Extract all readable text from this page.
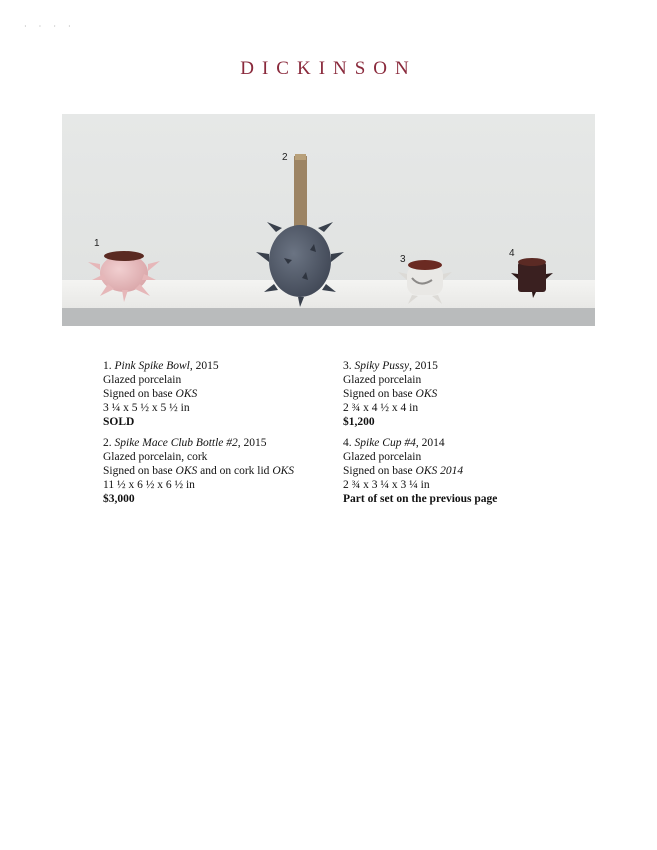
· · · ·
DICKINSON
1
2
3
4
1. Pink Spike Bowl, 2015
Glazed porcelain
Signed on base OKS
3 ¼ x 5 ½ x 5 ½ in
SOLD
2. Spike Mace Club Bottle #2, 2015
Glazed porcelain, cork
Signed on base OKS and on cork lid OKS
11 ½ x 6 ½ x 6 ½ in
$3,000
3. Spiky Pussy, 2015
Glazed porcelain
Signed on base OKS
2 ¾ x 4 ½ x 4 in
$1,200
4. Spike Cup #4, 2014
Glazed porcelain
Signed on base OKS 2014
2 ¾ x 3 ¼ x 3 ¼ in
Part of set on the previous page
